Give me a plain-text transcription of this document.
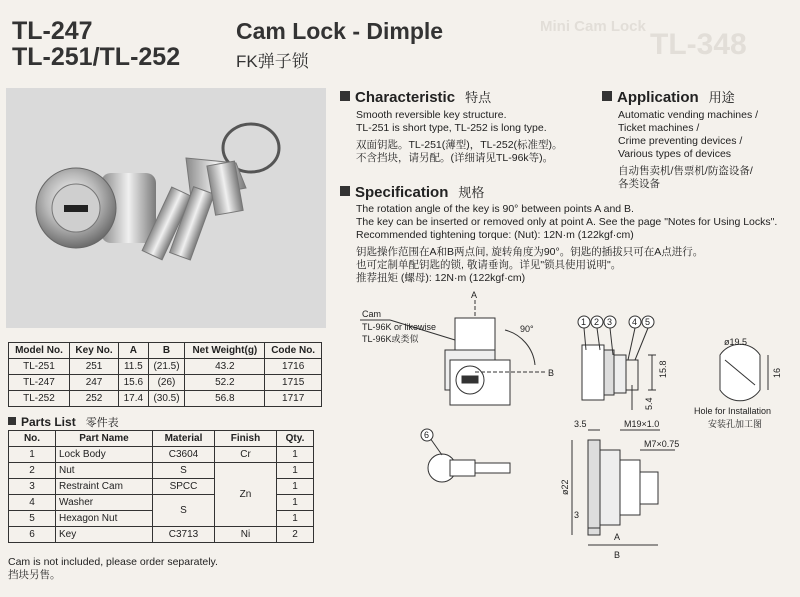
TL-247
TL-251/TL-252
Cam Lock - Dimple
FK弹子锁
Mini Cam Lock
TL-348
Characteristic 特点
Smooth reversible key structure.
TL-251 is short type, TL-252 is long type.
双面钥匙。TL-251(薄型)，TL-252(标准型)。
不含挡块，请另配。(详细请见TL-96k等)。
Application 用途
Automatic vending machines /
Ticket machines /
Crime preventing devices /
Various types of devices
自动售卖机/售票机/防盗设备/
各类设备
Specification 规格
The rotation angle of the key is 90° between points A and B.
The key can be inserted or removed only at point A. See the page "Notes for Using Locks".
Recommended tightening torque: (Nut): 12N·m (122kgf·cm)
钥匙操作范围在A和B两点间, 旋转角度为90°。钥匙的插拔只可在A点进行。
也可定制单配钥匙的锁, 敬请垂询。详见"锁具使用说明"。
推荐扭矩 (螺母): 12N·m (122kgf·cm)
Model No.	Key No.	A	B	Net Weight(g)	Code No.
TL-251	251	11.5	(21.5)	43.2	1716
TL-247	247	15.6	(26)	52.2	1715
TL-252	252	17.4	(30.5)	56.8	1717
Parts List 零件表
No.	Part Name	Material	Finish	Qty.
1	Lock Body	C3604	Cr	1
2	Nut	S	Zn	1
3	Restraint Cam	SPCC		1
4	Washer	S		1
5	Hexagon Nut			1
6	Key	C3713	Ni	2
Cam is not included, please order separately.
挡块另售。
Cam
TL-96K or likewise
TL-96K或类似
A
B
90°
1 2 3 4 5
6
15.8
5.4
ø19.5
16
Hole for Installation
安装孔加工图
3.5	M19×1.0
M7×0.75
ø22
3
A
B
